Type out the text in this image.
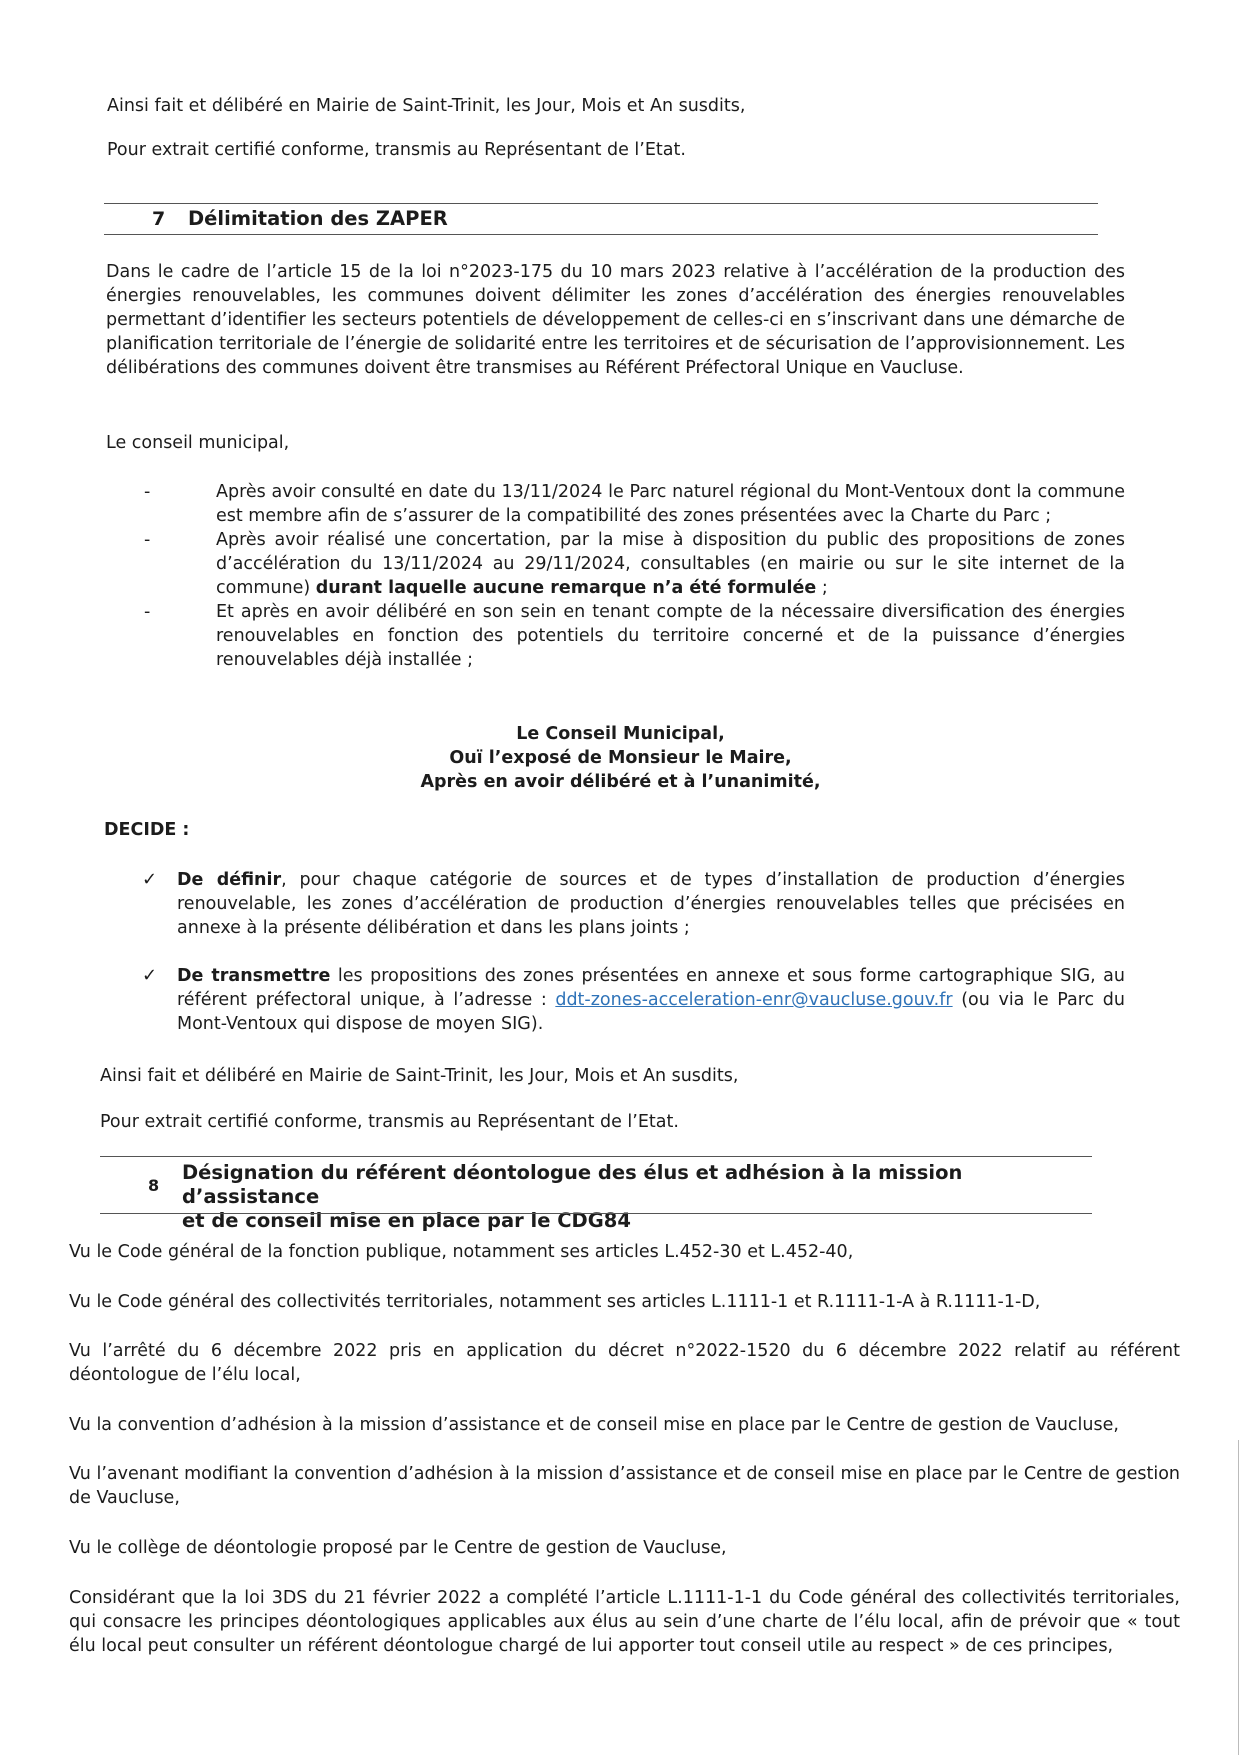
Ainsi fait et délibéré en Mairie de Saint-Trinit, les Jour, Mois et An susdits,

Pour extrait certifié conforme, transmis au Représentant de l’Etat.

7 Délimitation des ZAPER

Dans le cadre de l’article 15 de la loi n°2023-175 du 10 mars 2023 relative à l’accélération de la production des énergies renouvelables, les communes doivent délimiter les zones d’accélération des énergies renouvelables permettant d’identifier les secteurs potentiels de développement de celles-ci en s’inscrivant dans une démarche de planification territoriale de l’énergie de solidarité entre les territoires et de sécurisation de l’approvisionnement. Les délibérations des communes doivent être transmises au Référent Préfectoral Unique en Vaucluse.

Le conseil municipal,

-	Après avoir consulté en date du 13/11/2024 le Parc naturel régional du Mont-Ventoux dont la commune est membre afin de s’assurer de la compatibilité des zones présentées avec la Charte du Parc ;
-	Après avoir réalisé une concertation, par la mise à disposition du public des propositions de zones d’accélération du 13/11/2024 au 29/11/2024, consultables (en mairie ou sur le site internet de la commune) durant laquelle aucune remarque n’a été formulée ;
-	Et après en avoir délibéré en son sein en tenant compte de la nécessaire diversification des énergies renouvelables en fonction des potentiels du territoire concerné et de la puissance d’énergies renouvelables déjà installée ;
Le Conseil Municipal,
Ouï l’exposé de Monsieur le Maire,
Après en avoir délibéré et à l’unanimité,

DECIDE :

✓ De définir, pour chaque catégorie de sources et de types d’installation de production d’énergies renouvelable, les zones d’accélération de production d’énergies renouvelables telles que précisées en annexe à la présente délibération et dans les plans joints ;
✓ De transmettre les propositions des zones présentées en annexe et sous forme cartographique SIG, au référent préfectoral unique, à l’adresse : ddt-zones-acceleration-enr@vaucluse.gouv.fr (ou via le Parc du Mont-Ventoux qui dispose de moyen SIG).

Ainsi fait et délibéré en Mairie de Saint-Trinit, les Jour, Mois et An susdits,

Pour extrait certifié conforme, transmis au Représentant de l’Etat.

8
Désignation du référent déontologue des élus et adhésion à la mission d’assistance
et de conseil mise en place par le CDG84

Vu le Code général de la fonction publique, notamment ses articles L.452-30 et L.452-40,

Vu le Code général des collectivités territoriales, notamment ses articles L.1111-1 et R.1111-1-A à R.1111-1-D,

Vu l’arrêté du 6 décembre 2022 pris en application du décret n°2022-1520 du 6 décembre 2022 relatif au référent déontologue de l’élu local,

Vu la convention d’adhésion à la mission d’assistance et de conseil mise en place par le Centre de gestion de Vaucluse,

Vu l’avenant modifiant la convention d’adhésion à la mission d’assistance et de conseil mise en place par le Centre de gestion de Vaucluse,

Vu le collège de déontologie proposé par le Centre de gestion de Vaucluse,

Considérant que la loi 3DS du 21 février 2022 a complété l’article L.1111-1-1 du Code général des collectivités territoriales, qui consacre les principes déontologiques applicables aux élus au sein d’une charte de l’élu local, afin de prévoir que « tout élu local peut consulter un référent déontologue chargé de lui apporter tout conseil utile au respect » de ces principes,
